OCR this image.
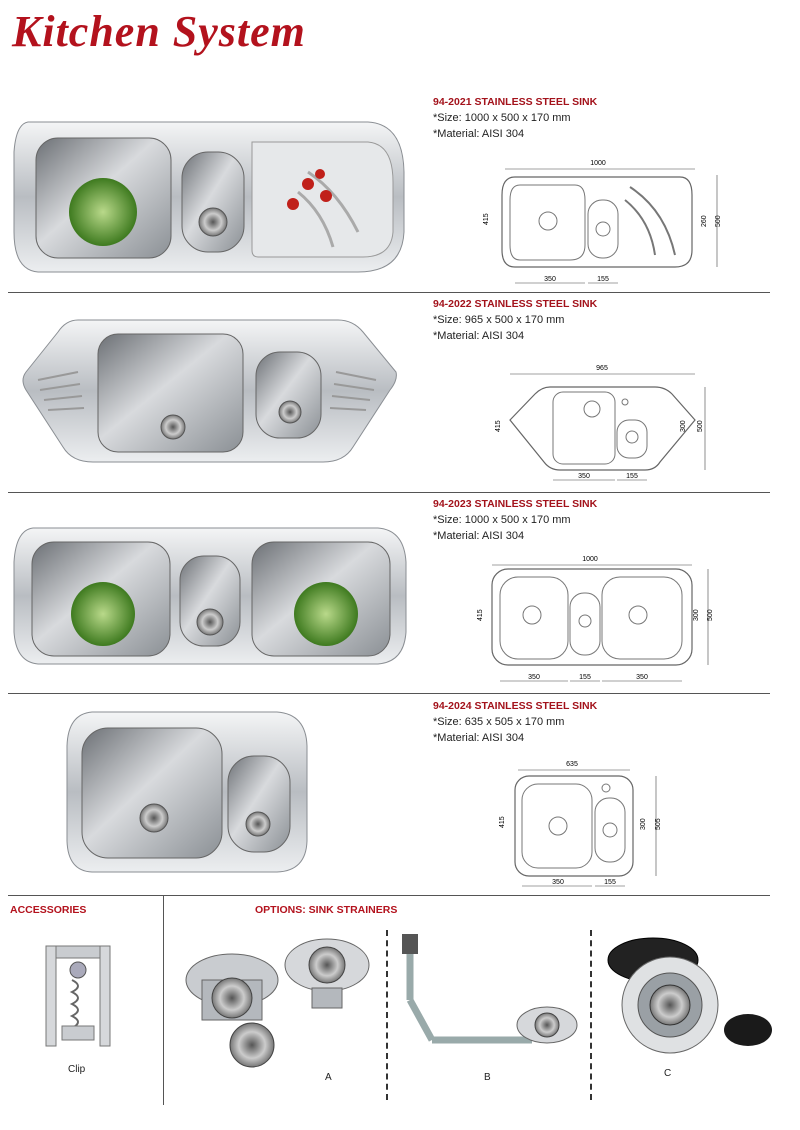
Kitchen System
94-2021 STAINLESS STEEL SINK
*Size: 1000 x 500 x 170 mm
*Material: AISI 304
1000
415	260 500
350	155
94-2022 STAINLESS STEEL SINK
*Size: 965 x 500 x 170 mm
*Material: AISI 304
965
415	300 500
350	155
94-2023 STAINLESS STEEL SINK
*Size: 1000 x 500 x 170 mm
*Material: AISI 304
1000
415	300 500
350	155	350
94-2024 STAINLESS STEEL SINK
*Size: 635 x 505 x 170 mm
*Material: AISI 304
635
415	300 505
350	155
ACCESSORIES
Clip
OPTIONS: SINK STRAINERS
A	B	C
